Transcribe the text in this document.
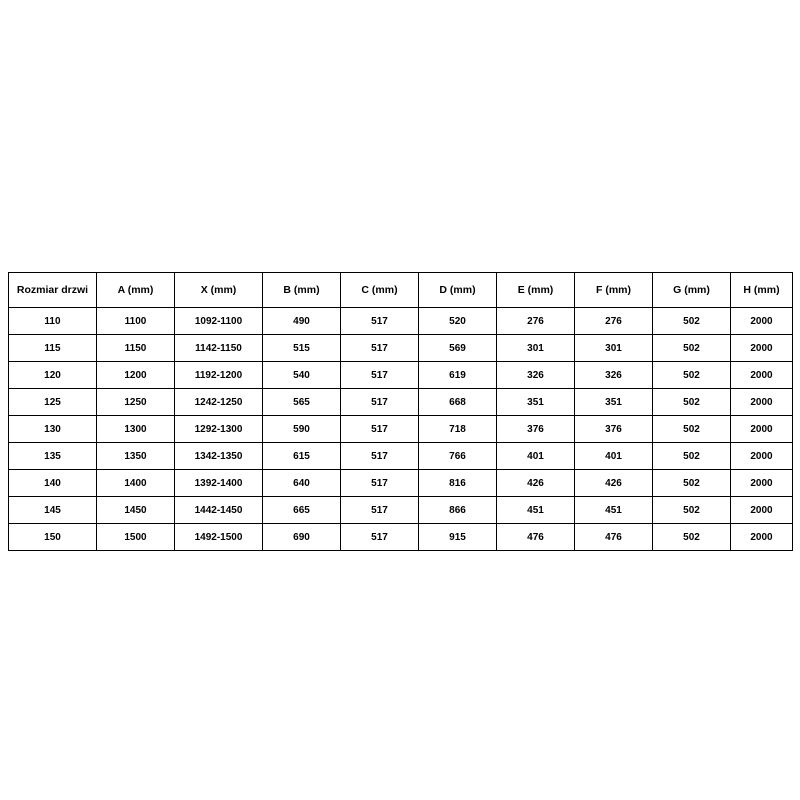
Rozmiar drzwi	A (mm)	X (mm)	B (mm)	C (mm)	D (mm)	E (mm)	F (mm)	G (mm)	H (mm)
110	1100	1092-1100	490	517	520	276	276	502	2000
115	1150	1142-1150	515	517	569	301	301	502	2000
120	1200	1192-1200	540	517	619	326	326	502	2000
125	1250	1242-1250	565	517	668	351	351	502	2000
130	1300	1292-1300	590	517	718	376	376	502	2000
135	1350	1342-1350	615	517	766	401	401	502	2000
140	1400	1392-1400	640	517	816	426	426	502	2000
145	1450	1442-1450	665	517	866	451	451	502	2000
150	1500	1492-1500	690	517	915	476	476	502	2000
